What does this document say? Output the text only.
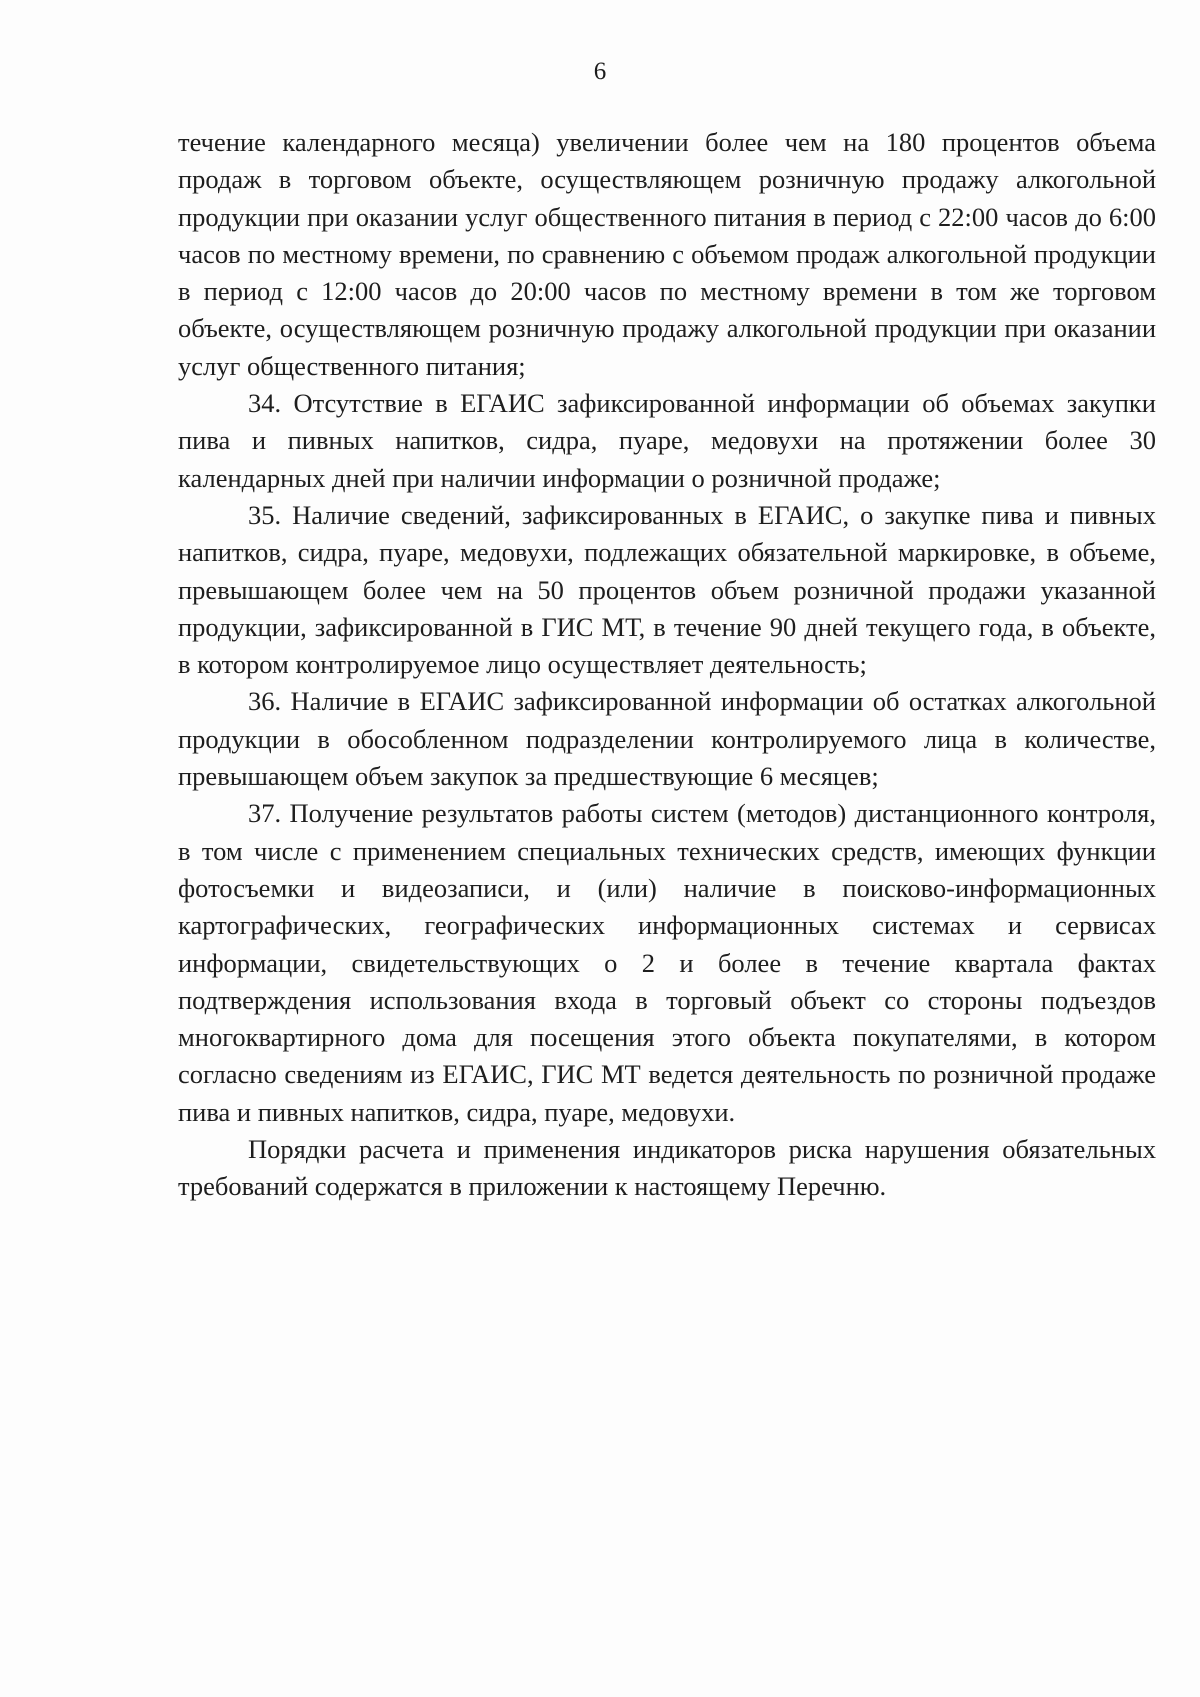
6

течение календарного месяца) увеличении более чем на 180 процентов объема продаж в торговом объекте, осуществляющем розничную продажу алкогольной продукции при оказании услуг общественного питания в период с 22:00 часов до 6:00 часов по местному времени, по сравнению с объемом продаж алкогольной продукции в период с 12:00 часов до 20:00 часов по местному времени в том же торговом объекте, осуществляющем розничную продажу алкогольной продукции при оказании услуг общественного питания;

34. Отсутствие в ЕГАИС зафиксированной информации об объемах закупки пива и пивных напитков, сидра, пуаре, медовухи на протяжении более 30 календарных дней при наличии информации о розничной продаже;

35. Наличие сведений, зафиксированных в ЕГАИС, о закупке пива и пивных напитков, сидра, пуаре, медовухи, подлежащих обязательной маркировке, в объеме, превышающем более чем на 50 процентов объем розничной продажи указанной продукции, зафиксированной в ГИС МТ, в течение 90 дней текущего года, в объекте, в котором контролируемое лицо осуществляет деятельность;

36. Наличие в ЕГАИС зафиксированной информации об остатках алкогольной продукции в обособленном подразделении контролируемого лица в количестве, превышающем объем закупок за предшествующие 6 месяцев;

37. Получение результатов работы систем (методов) дистанционного контроля, в том числе с применением специальных технических средств, имеющих функции фотосъемки и видеозаписи, и (или) наличие в поисково-информационных картографических, географических информационных системах и сервисах информации, свидетельствующих о 2 и более в течение квартала фактах подтверждения использования входа в торговый объект со стороны подъездов многоквартирного дома для посещения этого объекта покупателями, в котором согласно сведениям из ЕГАИС, ГИС МТ ведется деятельность по розничной продаже пива и пивных напитков, сидра, пуаре, медовухи.

Порядки расчета и применения индикаторов риска нарушения обязательных требований содержатся в приложении к настоящему Перечню.
